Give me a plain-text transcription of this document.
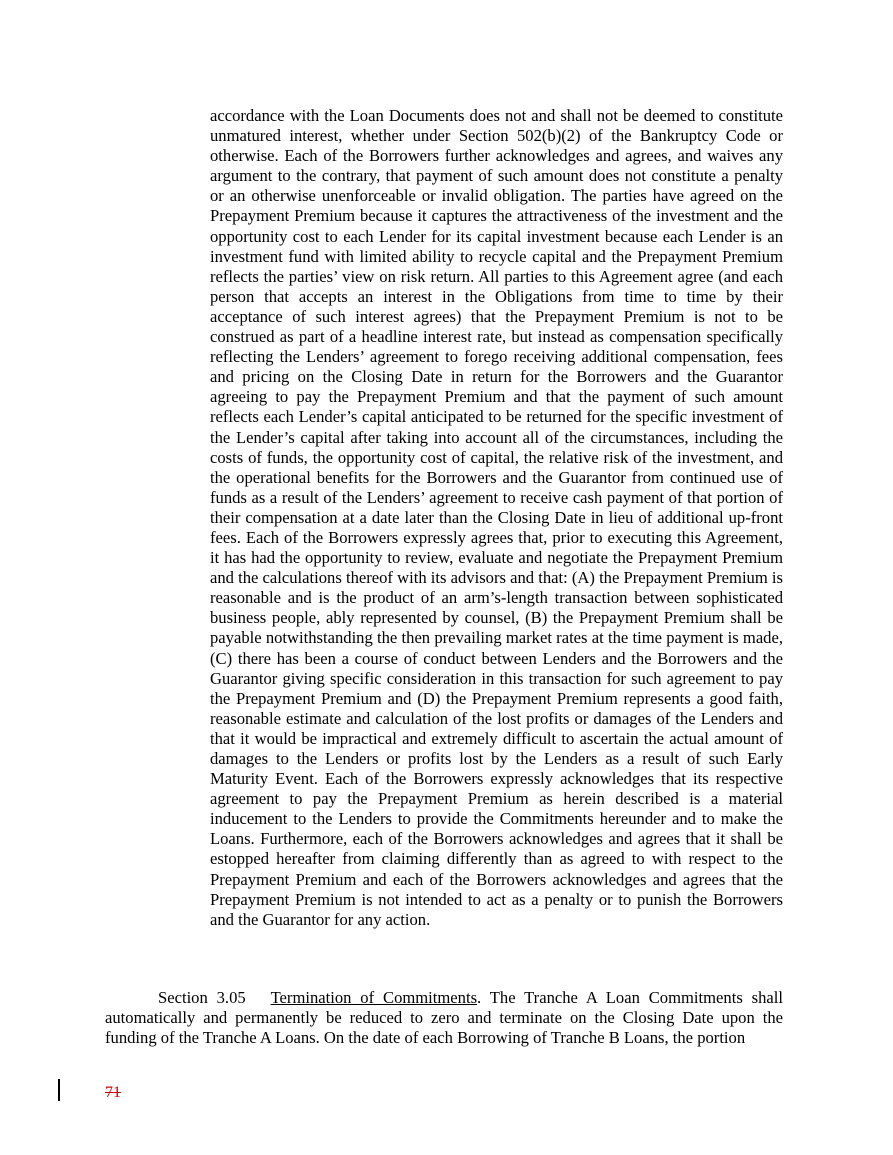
accordance with the Loan Documents does not and shall not be deemed to constitute unmatured interest, whether under Section 502(b)(2) of the Bankruptcy Code or otherwise. Each of the Borrowers further acknowledges and agrees, and waives any argument to the contrary, that payment of such amount does not constitute a penalty or an otherwise unenforceable or invalid obligation. The parties have agreed on the Prepayment Premium because it captures the attractiveness of the investment and the opportunity cost to each Lender for its capital investment because each Lender is an investment fund with limited ability to recycle capital and the Prepayment Premium reflects the parties’ view on risk return. All parties to this Agreement agree (and each person that accepts an interest in the Obligations from time to time by their acceptance of such interest agrees) that the Prepayment Premium is not to be construed as part of a headline interest rate, but instead as compensation specifically reflecting the Lenders’ agreement to forego receiving additional compensation, fees and pricing on the Closing Date in return for the Borrowers and the Guarantor agreeing to pay the Prepayment Premium and that the payment of such amount reflects each Lender’s capital anticipated to be returned for the specific investment of the Lender’s capital after taking into account all of the circumstances, including the costs of funds, the opportunity cost of capital, the relative risk of the investment, and the operational benefits for the Borrowers and the Guarantor from continued use of funds as a result of the Lenders’ agreement to receive cash payment of that portion of their compensation at a date later than the Closing Date in lieu of additional up-front fees. Each of the Borrowers expressly agrees that, prior to executing this Agreement, it has had the opportunity to review, evaluate and negotiate the Prepayment Premium and the calculations thereof with its advisors and that: (A) the Prepayment Premium is reasonable and is the product of an arm’s-length transaction between sophisticated business people, ably represented by counsel, (B) the Prepayment Premium shall be payable notwithstanding the then prevailing market rates at the time payment is made, (C) there has been a course of conduct between Lenders and the Borrowers and the Guarantor giving specific consideration in this transaction for such agreement to pay the Prepayment Premium and (D) the Prepayment Premium represents a good faith, reasonable estimate and calculation of the lost profits or damages of the Lenders and that it would be impractical and extremely difficult to ascertain the actual amount of damages to the Lenders or profits lost by the Lenders as a result of such Early Maturity Event. Each of the Borrowers expressly acknowledges that its respective agreement to pay the Prepayment Premium as herein described is a material inducement to the Lenders to provide the Commitments hereunder and to make the Loans. Furthermore, each of the Borrowers acknowledges and agrees that it shall be estopped hereafter from claiming differently than as agreed to with respect to the Prepayment Premium and each of the Borrowers acknowledges and agrees that the Prepayment Premium is not intended to act as a penalty or to punish the Borrowers and the Guarantor for any action.

Section 3.05   Termination of Commitments. The Tranche A Loan Commitments shall automatically and permanently be reduced to zero and terminate on the Closing Date upon the funding of the Tranche A Loans. On the date of each Borrowing of Tranche B Loans, the portion

71
